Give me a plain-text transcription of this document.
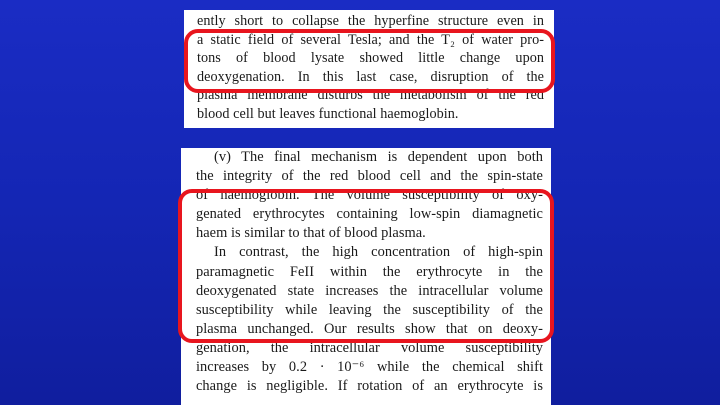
ently short to collapse the hyperfine structure even in
a static field of several Tesla; and the T₂ of water pro-
tons of blood lysate showed little change upon
deoxygenation. In this last case, disruption of the
plasma membrane disturbs the metabolism of the red
blood cell but leaves functional haemoglobin.
(v) The final mechanism is dependent upon both
the integrity of the red blood cell and the spin-state
of haemoglobin. The volume susceptibility of oxy-
genated erythrocytes containing low-spin diamagnetic
haem is similar to that of blood plasma.
In contrast, the high concentration of high-spin
paramagnetic FeII within the erythrocyte in the
deoxygenated state increases the intracellular volume
susceptibility while leaving the susceptibility of the
plasma unchanged. Our results show that on deoxy-
genation, the intracellular volume susceptibility
increases by 0.2 · 10⁻⁶ while the chemical shift
change is negligible. If rotation of an erythrocyte is
